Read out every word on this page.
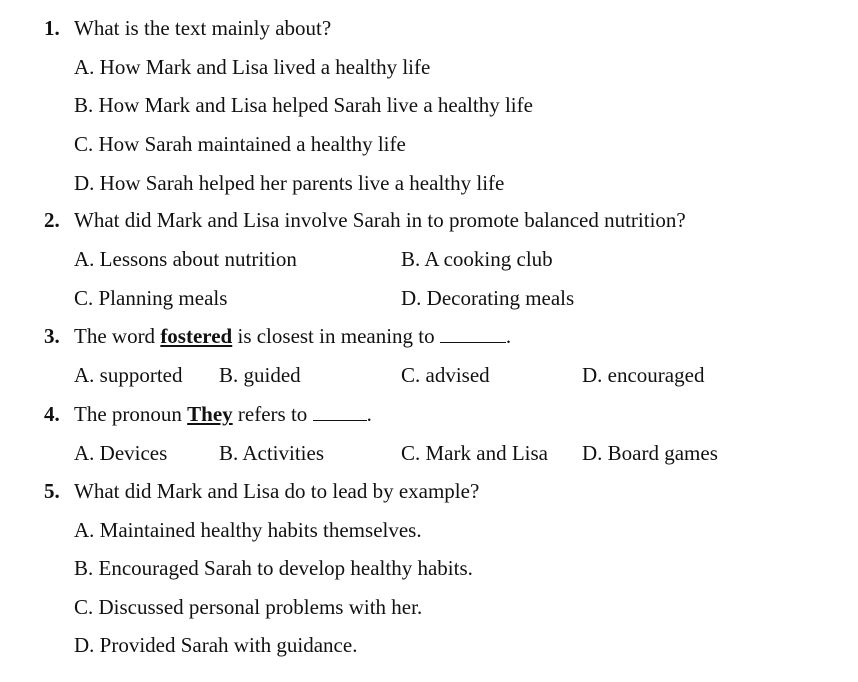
1. What is the text mainly about?
A. How Mark and Lisa lived a healthy life
B. How Mark and Lisa helped Sarah live a healthy life
C. How Sarah maintained a healthy life
D. How Sarah helped her parents live a healthy life
2. What did Mark and Lisa involve Sarah in to promote balanced nutrition?
A. Lessons about nutrition	B. A cooking club
C. Planning meals	D. Decorating meals
3. The word fostered is closest in meaning to	.
A. supported B. guided	C. advised	D. encouraged
4. The pronoun They refers to	.
A. Devices B. Activities	C. Mark and Lisa D. Board games
5. What did Mark and Lisa do to lead by example?
A. Maintained healthy habits themselves.
B. Encouraged Sarah to develop healthy habits.
C. Discussed personal problems with her.
D. Provided Sarah with guidance.
